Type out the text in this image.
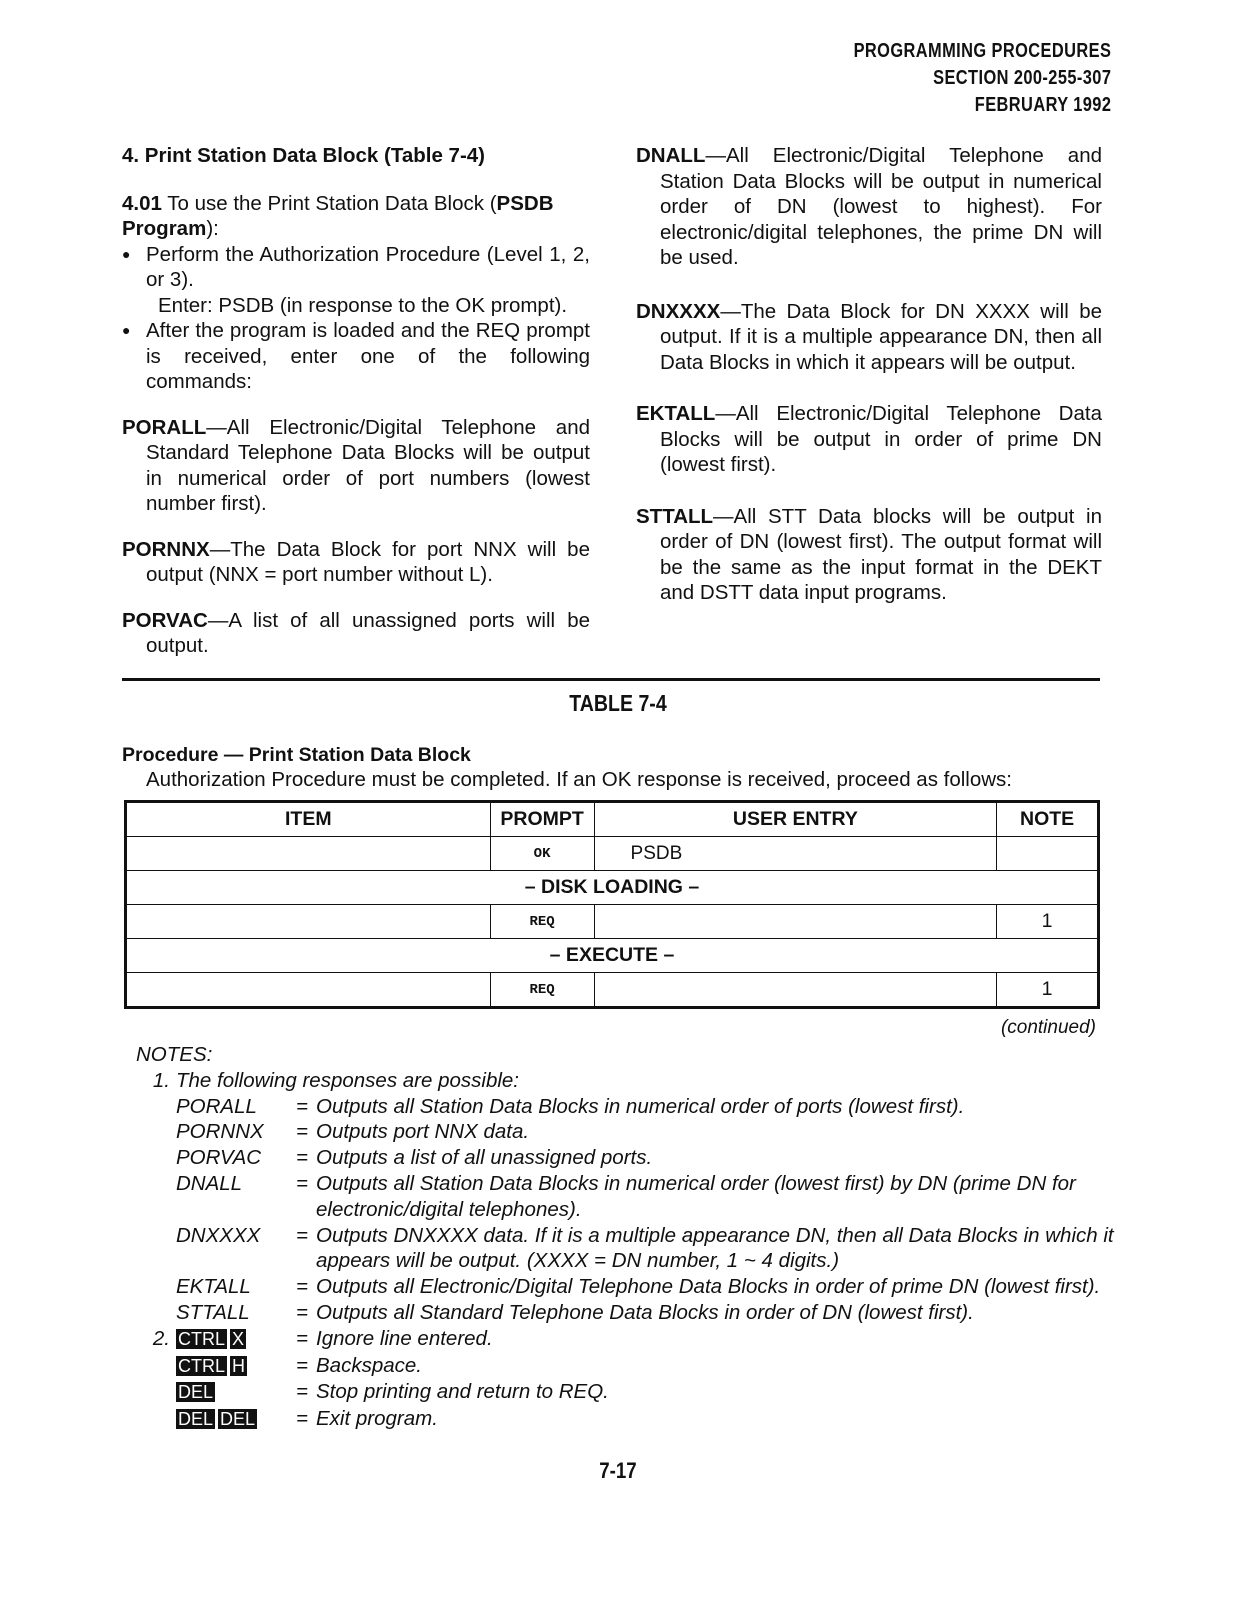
PROGRAMMING PROCEDURES
SECTION 200-255-307
FEBRUARY 1992

4. Print Station Data Block (Table 7-4)

4.01 To use the Print Station Data Block (PSDB Program):

● Perform the Authorization Procedure (Level 1, 2, or 3).

Enter: PSDB (in response to the OK prompt).

● After the program is loaded and the REQ prompt is received, enter one of the following commands:

PORALL—All Electronic/Digital Telephone and Standard Telephone Data Blocks will be output in numerical order of port numbers (lowest number first).

PORNNX—The Data Block for port NNX will be output (NNX = port number without L).

PORVAC—A list of all unassigned ports will be output.

DNALL—All Electronic/Digital Telephone and Station Data Blocks will be output in numerical order of DN (lowest to highest). For electronic/digital telephones, the prime DN will be used.

DNXXXX—The Data Block for DN XXXX will be output. If it is a multiple appearance DN, then all Data Blocks in which it appears will be output.

EKTALL—All Electronic/Digital Telephone Data Blocks will be output in order of prime DN (lowest first).

STTALL—All STT Data blocks will be output in order of DN (lowest first). The output format will be the same as the input format in the DEKT and DSTT data input programs.

TABLE 7-4
Procedure — Print Station Data Block
Authorization Procedure must be completed. If an OK response is received, proceed as follows:
ITEM	PROMPT	USER ENTRY	NOTE
	OK	PSDB	
– DISK LOADING –			
	REQ		1
– EXECUTE –			
	REQ		1
(continued)
NOTES:
1. The following responses are possible:
PORALL	= Outputs all Station Data Blocks in numerical order of ports (lowest first).
PORNNX	= Outputs port NNX data.
PORVAC	= Outputs a list of all unassigned ports.
DNALL	= Outputs all Station Data Blocks in numerical order (lowest first) by DN (prime DN for electronic/digital telephones).
DNXXXX	= Outputs DNXXXX data. If it is a multiple appearance DN, then all Data Blocks in which it appears will be output. (XXXX = DN number, 1 ~ 4 digits.)
EKTALL	= Outputs all Electronic/Digital Telephone Data Blocks in order of prime DN (lowest first).
STTALL	= Outputs all Standard Telephone Data Blocks in order of DN (lowest first).
2. CTRL X	= Ignore line entered.
CTRL H	= Backspace.
DEL	= Stop printing and return to REQ.
DEL DEL	= Exit program.
7-17
